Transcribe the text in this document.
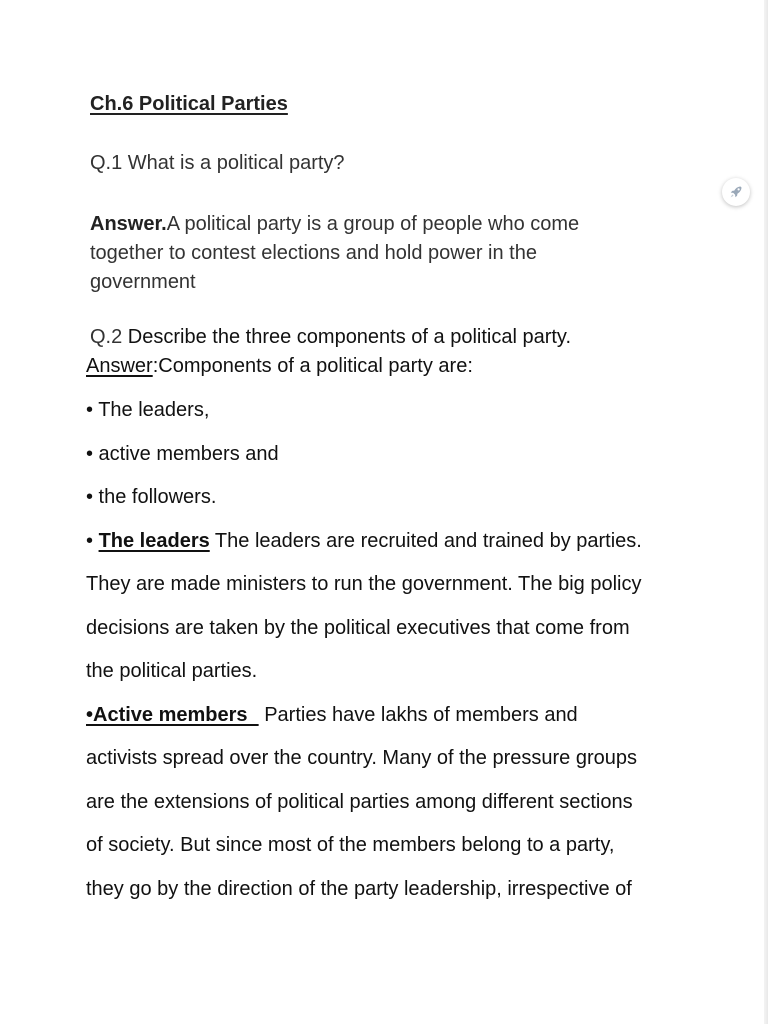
Ch.6 Political Parties
Q.1 What is a political party?
Answer.A political party is a group of people who come
together to contest elections and hold power in the
government
Q.2 Describe the three components of a political party.
Answer:Components of a political party are:
• The leaders,
• active members and
• the followers.
• The leaders The leaders are recruited and trained by parties.
They are made ministers to run the government. The big policy
decisions are taken by the political executives that come from
the political parties.
•Active members   Parties have lakhs of members and
activists spread over the country. Many of the pressure groups
are the extensions of political parties among different sections
of society. But since most of the members belong to a party,
they go by the direction of the party leadership, irrespective of
